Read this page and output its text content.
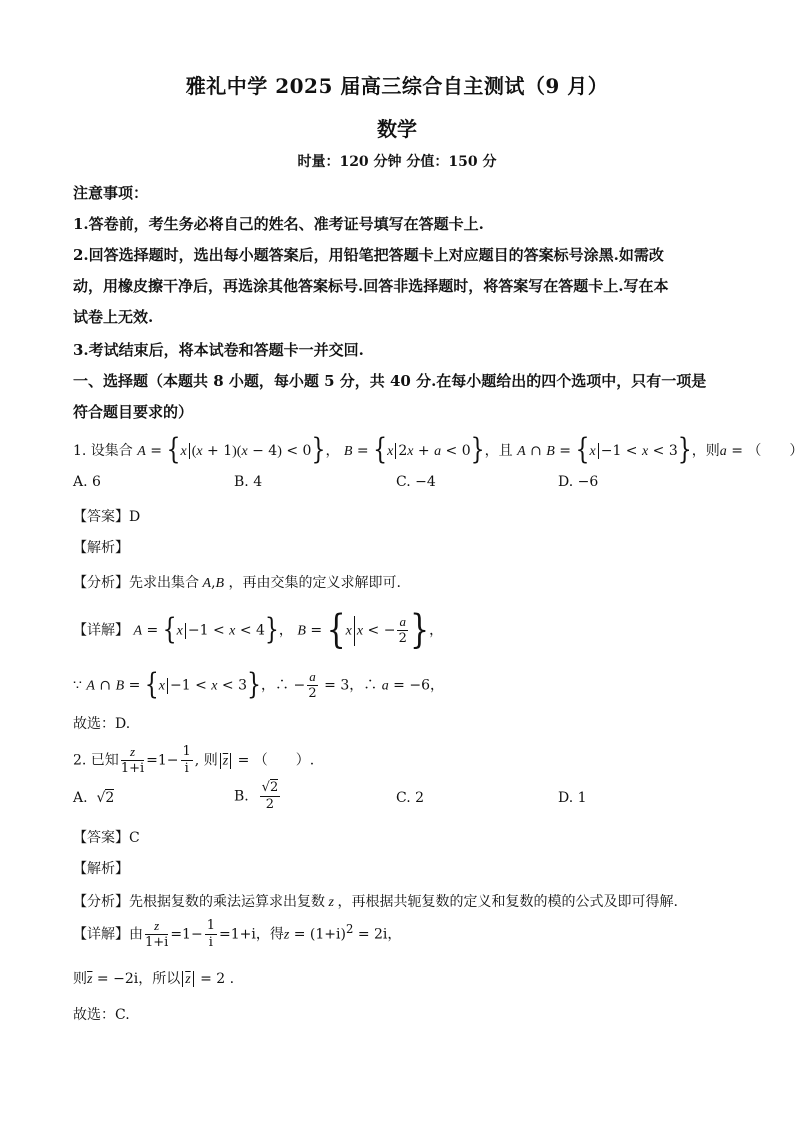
雅礼中学 2025 届高三综合自主测试（9 月）
数学
时量：120 分钟 分值：150 分
注意事项：
1.答卷前，考生务必将自己的姓名、准考证号填写在答题卡上.
2.回答选择题时，选出每小题答案后，用铅笔把答题卡上对应题目的答案标号涂黑.如需改
动，用橡皮擦干净后，再选涂其他答案标号.回答非选择题时，将答案写在答题卡上.写在本
试卷上无效.
3.考试结束后，将本试卷和答题卡一并交回.
一、选择题（本题共 8 小题，每小题 5 分，共 40 分.在每小题给出的四个选项中，只有一项是
符合题目要求的）
1. 设集合 A = {x (x + 1)(x − 4) < 0}， B = {x 2x + a < 0}，且 A ∩ B = {x −1 < x < 3}，则a = （　　）
A. 6	B. 4	C. −4	D. −6
【答案】D
【解析】
【分析】先求出集合 A,B ，再由交集的定义求解即可.
【详解】 A = {x −1 < x < 4}， B = {x x < − $\frac{a}{2}$ }，
∵ A ∩ B = {x −1 < x < 3}，∴ − $\frac{a}{2} = 3$，∴ a = −6，
故选：D.
2. 已知 $\frac{z}{1+i} =1- \frac{1}{i}$ , 则 $\overline{z}$ = （　　）.
A.  √2	B. $\frac{√2}{2}$	C. 2	D. 1
【答案】C
【解析】
【分析】先根据复数的乘法运算求出复数 z ，再根据共轭复数的定义和复数的模的公式及即可得解.
【详解】由 $\frac{z}{1+i} =1- \frac{1}{i} =1+i$，得$z = (1+i)^2 = 2i$，
则$\overline{z} = -2i$，所以 $\overline{z} = 2$ .
故选：C.
